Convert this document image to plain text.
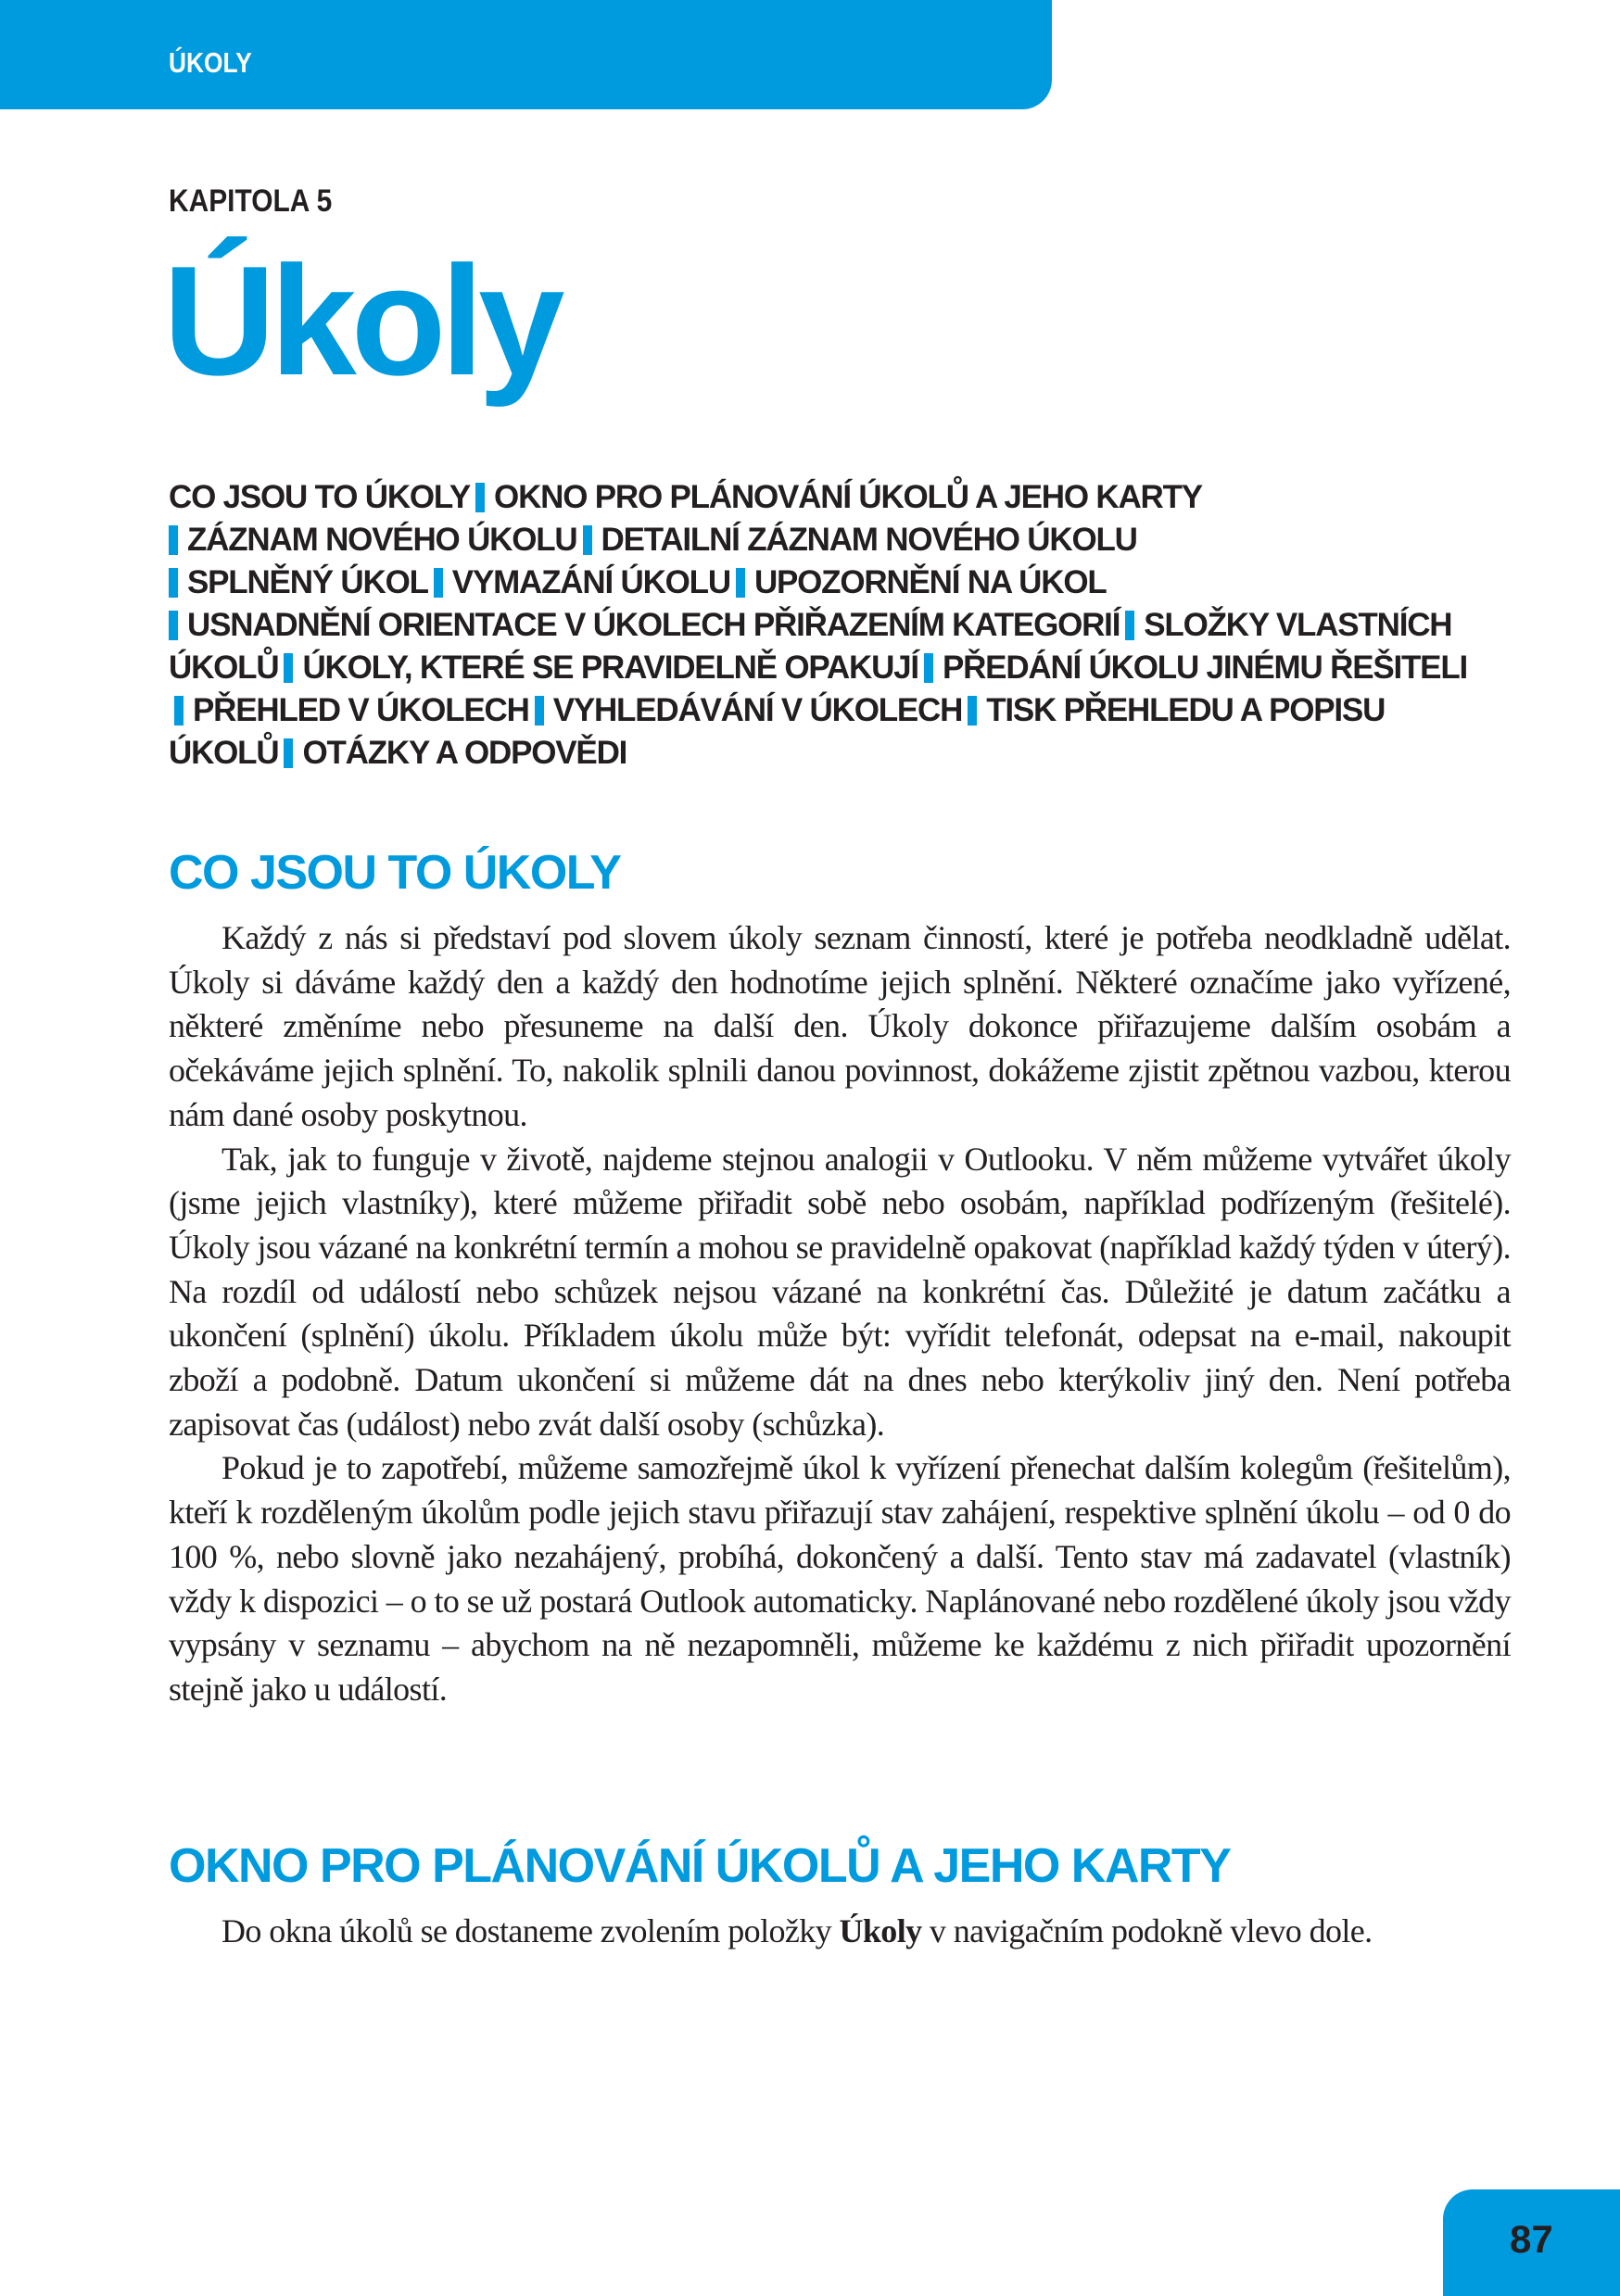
ÚKOLY
KAPITOLA 5
Úkoly
CO JSOU TO ÚKOLY OKNO PRO PLÁNOVÁNÍ ÚKOLŮ A JEHO KARTY
ZÁZNAM NOVÉHO ÚKOLU DETAILNÍ ZÁZNAM NOVÉHO ÚKOLU
SPLNĚNÝ ÚKOL VYMAZÁNÍ ÚKOLU UPOZORNĚNÍ NA ÚKOL
USNADNĚNÍ ORIENTACE V ÚKOLECH PŘIŘAZENÍM KATEGORIÍ SLOŽKY VLASTNÍCH ÚKOLŮ ÚKOLY, KTERÉ SE PRAVIDELNĚ OPAKUJÍ PŘEDÁNÍ ÚKOLU JINÉMU ŘEŠITELIPŘEHLED V ÚKOLECH VYHLEDÁVÁNÍ V ÚKOLECH TISK PŘEHLEDU A POPISU ÚKOLŮ OTÁZKY A ODPOVĚDI
CO JSOU TO ÚKOLY

Každý z nás si představí pod slovem úkoly seznam činností, které je potřeba neodkladně udělat. Úkoly si dáváme každý den a každý den hodnotíme jejich splnění. Některé označíme jako vyřízené, některé změníme nebo přesuneme na další den. Úkoly dokonce přiřazujeme dalším osobám a očekáváme jejich splnění. To, nakolik splnili danou povinnost, dokážeme zjistit zpětnou vazbou, kterou nám dané osoby poskytnou.

Tak, jak to funguje v životě, najdeme stejnou analogii v Outlooku. V něm můžeme vytvářet úkoly (jsme jejich vlastníky), které můžeme přiřadit sobě nebo osobám, například podřízeným (řešitelé). Úkoly jsou vázané na konkrétní termín a mohou se pravidelně opakovat (například každý týden v úterý). Na rozdíl od událostí nebo schůzek nejsou vázané na konkrétní čas. Důležité je datum začátku a ukončení (splnění) úkolu. Příkladem úkolu může být: vyřídit telefonát, odepsat na e-mail, nakoupit zboží a podobně. Datum ukončení si můžeme dát na dnes nebo kterýkoliv jiný den. Není potřeba zapisovat čas (událost) nebo zvát další osoby (schůzka).

Pokud je to zapotřebí, můžeme samozřejmě úkol k vyřízení přenechat dalším kolegům (řešitelům), kteří k rozděleným úkolům podle jejich stavu přiřazují stav zahájení, respektive splnění úkolu – od 0 do 100 %, nebo slovně jako nezahájený, probíhá, dokončený a další. Tento stav má zadavatel (vlastník) vždy k dispozici – o to se už postará Outlook automaticky. Naplánované nebo rozdělené úkoly jsou vždy vypsány v seznamu – abychom na ně nezapomněli, můžeme ke každému z nich přiřadit upozornění stejně jako u událostí.

OKNO PRO PLÁNOVÁNÍ ÚKOLŮ A JEHO KARTY

Do okna úkolů se dostaneme zvolením položky Úkoly v navigačním podokně vlevo dole.

87
